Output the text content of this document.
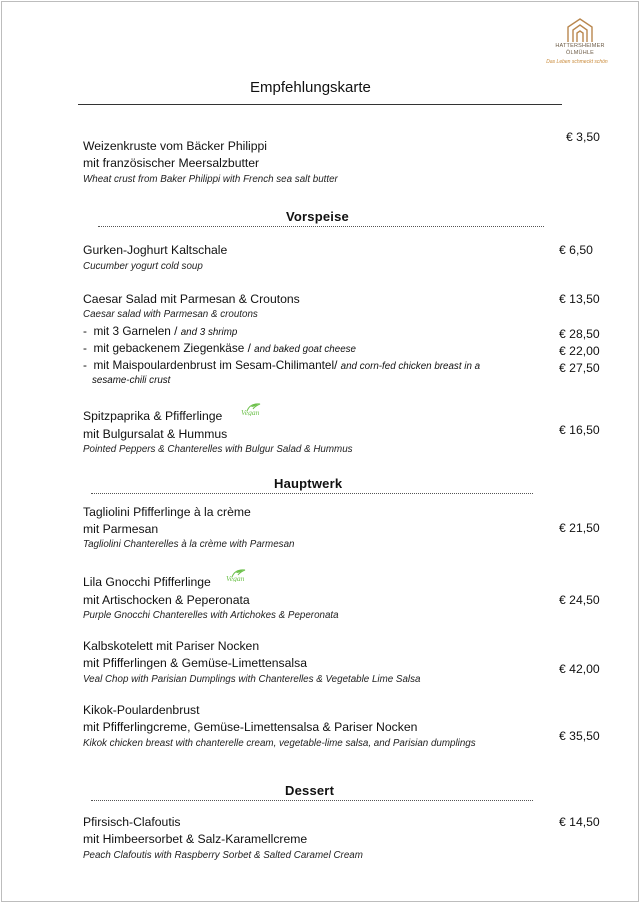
HATTERSHEIMER
ÖLMÜHLE
Das Leben schmeckt schön
Empfehlungskarte
Weizenkruste vom Bäcker Philippi
mit französischer Meersalzbutter
Wheat crust from Baker Philippi with French sea salt butter
€ 3,50
Vorspeise
Gurken-Joghurt Kaltschale
Cucumber yogurt cold soup
€ 6,50
Caesar Salad mit Parmesan & Croutons
Caesar salad with Parmesan & croutons
€ 13,50
-  mit 3 Garnelen / and 3 shrimp	€ 28,50
-  mit gebackenem Ziegenkäse / and baked goat cheese	€ 22,00
-  mit Maispoulardenbrust im Sesam-Chilimantel/ and corn-fed chicken breast in a
sesame-chili crust
€ 27,50
Spitzpaprika & Pfifferlinge Vegan
mit Bulgursalat & Hummus
Pointed Peppers & Chanterelles with Bulgur Salad & Hummus
€ 16,50
Hauptwerk
Tagliolini Pfifferlinge à la crème
mit Parmesan
Tagliolini Chanterelles à la crème with Parmesan
€ 21,50
Lila Gnocchi Pfifferlinge Vegan
mit Artischocken & Peperonata
Purple Gnocchi Chanterelles with Artichokes & Peperonata
€ 24,50
Kalbskotelett mit Pariser Nocken
mit Pfifferlingen & Gemüse-Limettensalsa
Veal Chop with Parisian Dumplings with Chanterelles & Vegetable Lime Salsa
€ 42,00
Kikok-Poulardenbrust
mit Pfifferlingcreme, Gemüse-Limettensalsa & Pariser Nocken
Kikok chicken breast with chanterelle cream, vegetable-lime salsa, and Parisian dumplings
€ 35,50
Dessert
Pfirsisch-Clafoutis
mit Himbeersorbet & Salz-Karamellcreme
Peach Clafoutis with Raspberry Sorbet & Salted Caramel Cream
€ 14,50
